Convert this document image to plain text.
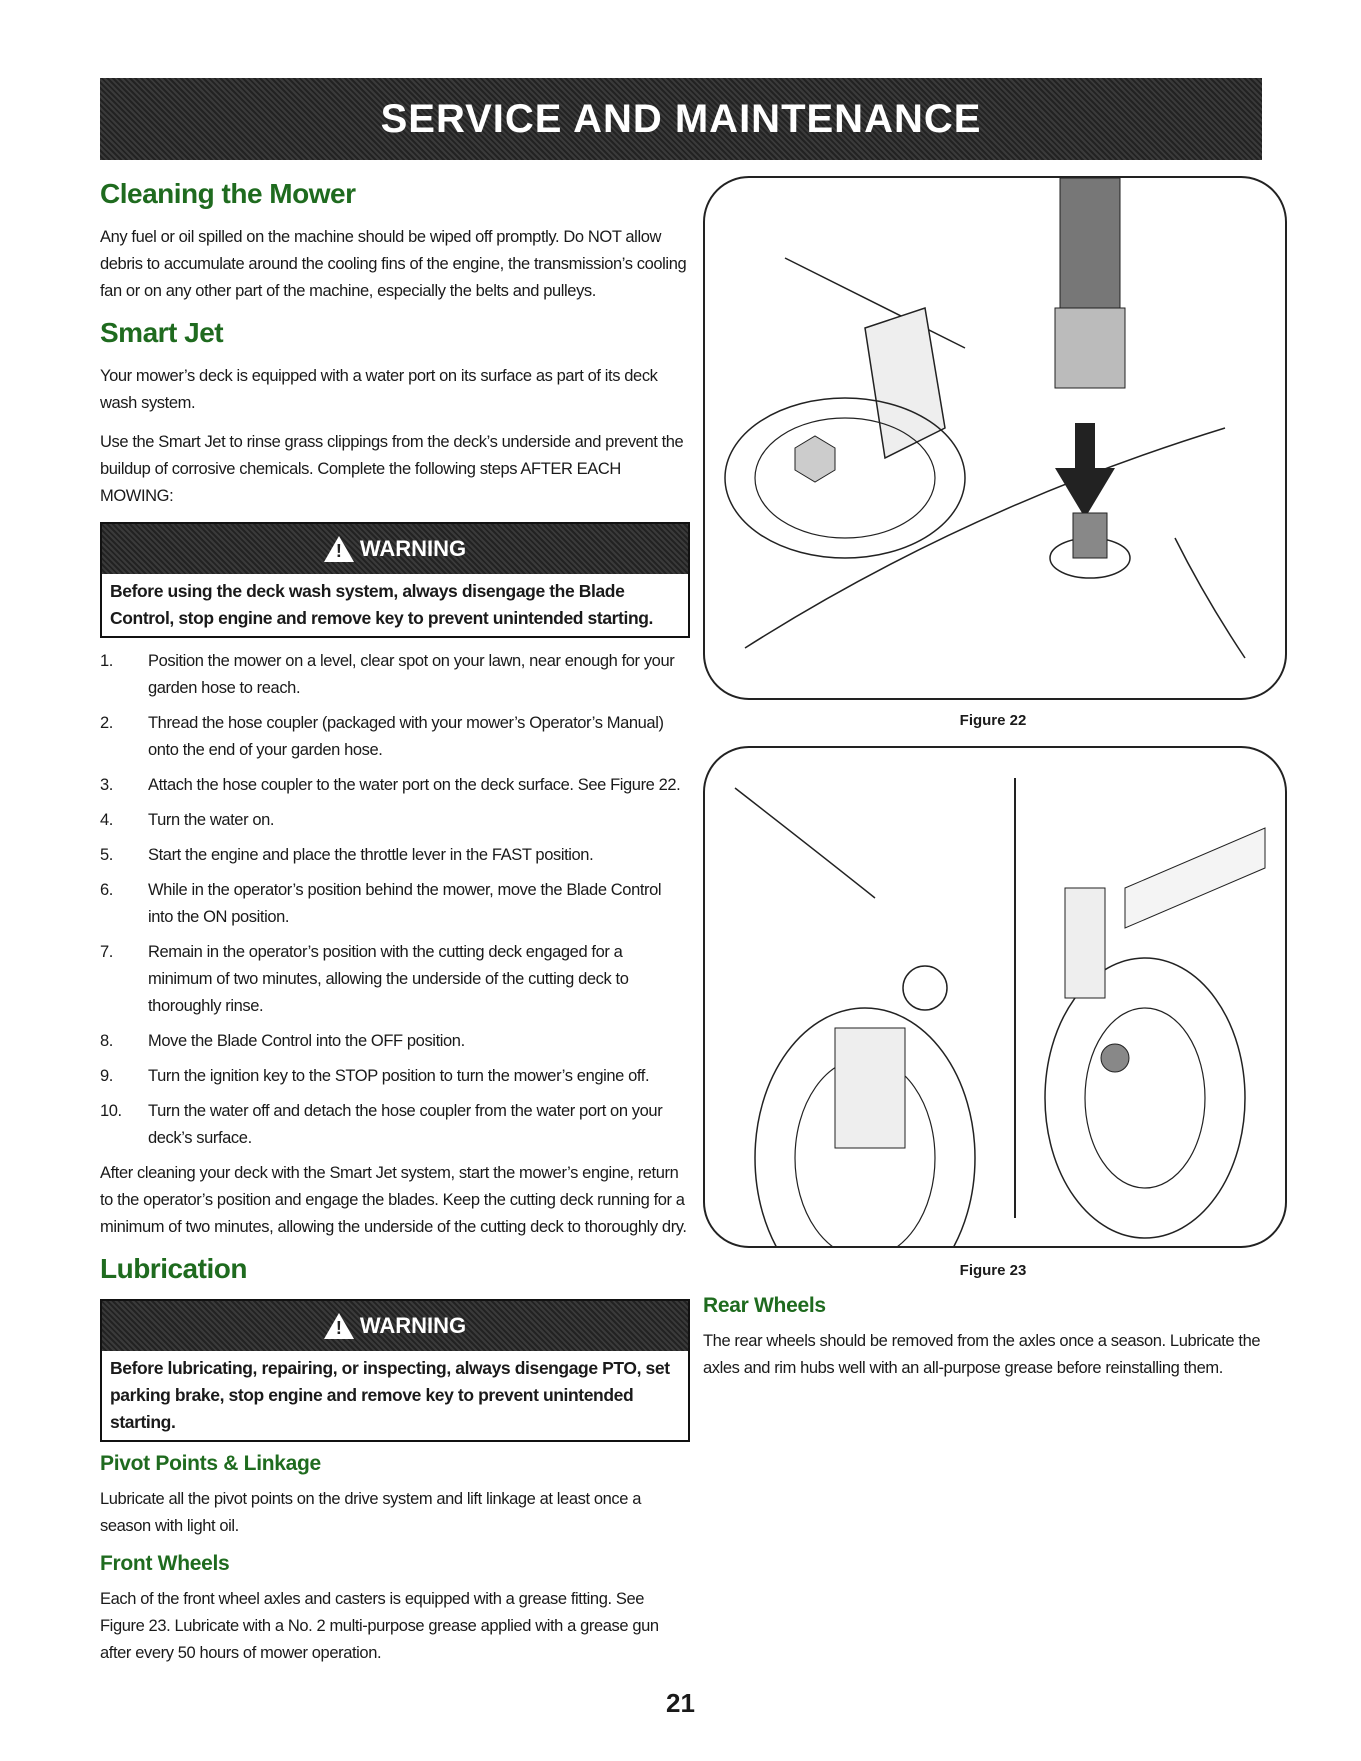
SERVICE AND MAINTENANCE
Cleaning the Mower

Any fuel or oil spilled on the machine should be wiped off promptly. Do NOT allow debris to accumulate around the cooling fins of the engine, the transmission’s cooling fan or on any other part of the machine, especially the belts and pulleys.

Smart Jet

Your mower’s deck is equipped with a water port on its surface as part of its deck wash system.

Use the Smart Jet to rinse grass clippings from the deck’s underside and prevent the buildup of corrosive chemicals. Complete the following steps AFTER EACH MOWING:

!
WARNING
Before using the deck wash system, always disengage the Blade Control, stop engine and remove key to prevent unintended starting.
1.	Position the mower on a level, clear spot on your lawn, near enough for your garden hose to reach.
2.	Thread the hose coupler (packaged with your mower’s Operator’s Manual) onto the end of your garden hose.
3.	Attach the hose coupler to the water port on the deck surface. See Figure 22.
4.	Turn the water on.
5.	Start the engine and place the throttle lever in the FAST position.
6.	While in the operator’s position behind the mower, move the Blade Control into the ON position.
7.	Remain in the operator’s position with the cutting deck engaged for a minimum of two minutes, allowing the underside of the cutting deck to thoroughly rinse.
8.	Move the Blade Control into the OFF position.
9.	Turn the ignition key to the STOP position to turn the mower’s engine off.
10.	Turn the water off and detach the hose coupler from the water port on your deck’s surface.

After cleaning your deck with the Smart Jet system, start the mower’s engine, return to the operator’s position and engage the blades. Keep the cutting deck running for a minimum of two minutes, allowing the underside of the cutting deck to thoroughly dry.

Lubrication
!
WARNING
Before lubricating, repairing, or inspecting, always disengage PTO, set parking brake, stop engine and remove key to prevent unintended starting.
Pivot Points & Linkage

Lubricate all the pivot points on the drive system and lift linkage at least once a season with light oil.

Front Wheels

Each of the front wheel axles and casters is equipped with a grease fitting. See Figure 23. Lubricate with a No. 2 multi-purpose grease applied with a grease gun after every 50 hours of mower operation.

Figure 22
Figure 23
Rear Wheels

The rear wheels should be removed from the axles once a season. Lubricate the axles and rim hubs well with an all-purpose grease before reinstalling them.

21
